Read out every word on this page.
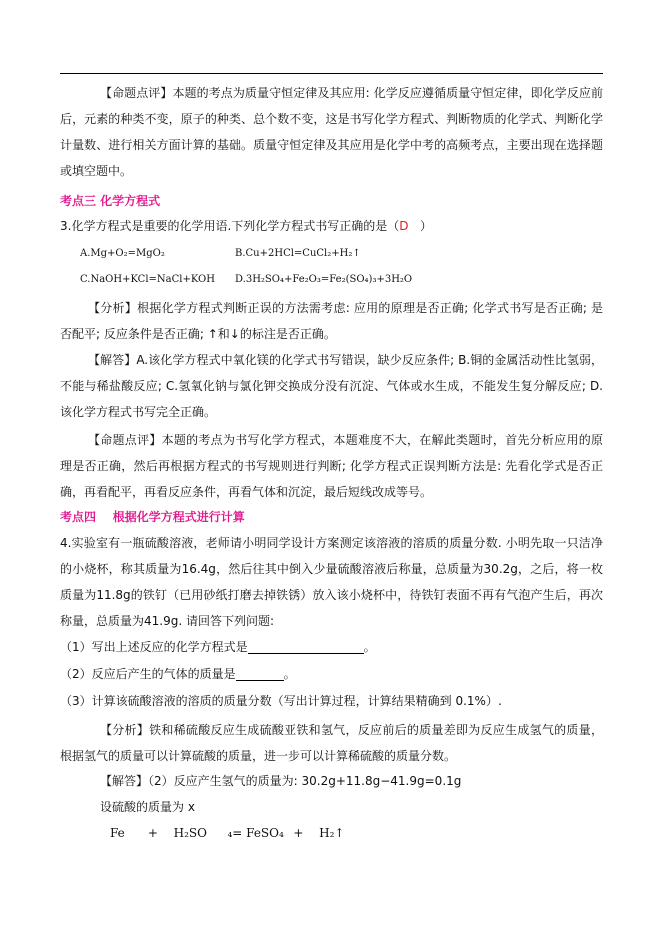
【命题点评】本题的考点为质量守恒定律及其应用: 化学反应遵循质量守恒定律，即化学反应前后，元素的种类不变，原子的种类、总个数不变，这是书写化学方程式、判断物质的化学式、判断化学计量数、进行相关方面计算的基础。质量守恒定律及其应用是化学中考的高频考点，主要出现在选择题或填空题中。
考点三 化学方程式
3.化学方程式是重要的化学用语.下列化学方程式书写正确的是（D   ）
A.Mg+O₂=MgO₂	B.Cu+2HCl=CuCl₂+H₂↑
C.NaOH+KCl=NaCl+KOH D.3H₂SO₄+Fe₂O₃=Fe₂(SO₄)₃+3H₂O
【分析】根据化学方程式判断正误的方法需考虑: 应用的原理是否正确; 化学式书写是否正确; 是否配平; 反应条件是否正确; ↑和↓的标注是否正确。
【解答】A.该化学方程式中氧化镁的化学式书写错误，缺少反应条件; B.铜的金属活动性比氢弱，不能与稀盐酸反应; C.氢氧化钠与氯化钾交换成分没有沉淀、气体或水生成，不能发生复分解反应; D.该化学方程式书写完全正确。
【命题点评】本题的考点为书写化学方程式，本题难度不大，在解此类题时，首先分析应用的原理是否正确，然后再根据方程式的书写规则进行判断; 化学方程式正误判断方法是: 先看化学式是否正确，再看配平，再看反应条件，再看气体和沉淀，最后短线改成等号。
考点四    根据化学方程式进行计算
4.实验室有一瓶硫酸溶液，老师请小明同学设计方案测定该溶液的溶质的质量分数. 小明先取一只洁净的小烧杯，称其质量为16.4g，然后往其中倒入少量硫酸溶液后称量，总质量为30.2g，之后，将一枚质量为11.8g的铁钉（已用砂纸打磨去掉铁锈）放入该小烧杯中，待铁钉表面不再有气泡产生后，再次称量，总质量为41.9g. 请回答下列问题:
（1）写出上述反应的化学方程式是	。
（2）反应后产生的气体的质量是	。
（3）计算该硫酸溶液的溶质的质量分数（写出计算过程，计算结果精确到 0.1%）.
【分析】铁和稀硫酸反应生成硫酸亚铁和氢气，反应前后的质量差即为反应生成氢气的质量，根据氢气的质量可以计算硫酸的质量，进一步可以计算稀硫酸的质量分数。
【解答】（2）反应产生氢气的质量为: 30.2g+11.8g−41.9g=0.1g
设硫酸的质量为 x
Fe + H₂SO ₄= FeSO₄ + H₂↑
